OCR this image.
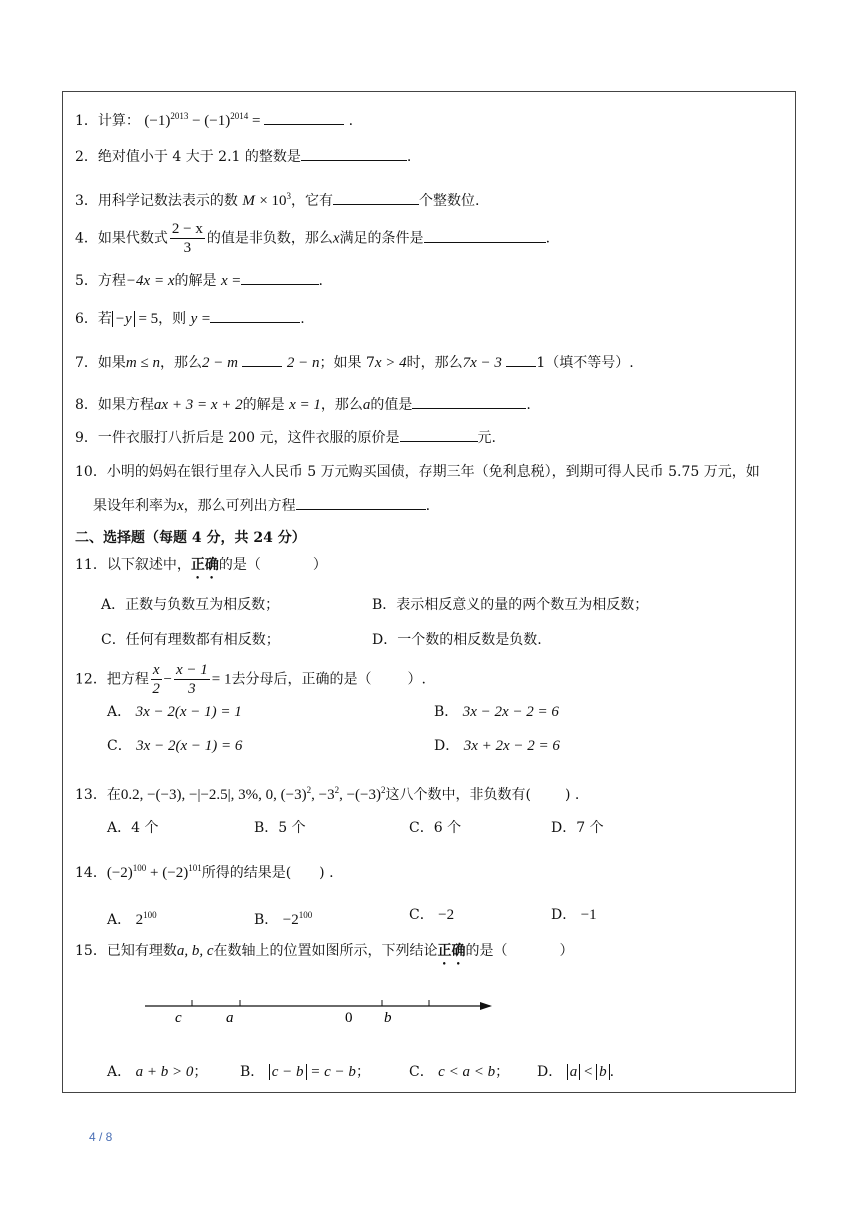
1．计算： $(-1)^{2013} - (-1)^{2014}$ =	.
2．绝对值小于 4 大于 2.1 的整数是	.
3．用科学记数法表示的数 $M \times 10^3$，它有	个整数位.
4．如果代数式 $\frac{2 - x}{3}$ 的值是非负数，那么x满足的条件是	.
5．方程−4x = x的解是 x =	.
6．若 −y = 5，则 y =	.
7．如果m ≤ n，那么2 − m	2 − n；如果 7x > 4时，那么7x − 3 1（填不等号）.
8．如果方程ax + 3 = x + 2的解是 x = 1，那么a的值是	.
9．一件衣服打八折后是 200 元，这件衣服的原价是	元.
10．小明的妈妈在银行里存入人民币 5 万元购买国债，存期三年（免利息税），到期可得人民币 5.75 万元，如
果设年利率为x，那么可列出方程	.
二、选择题（每题 4 分，共 24 分）
11．以下叙述中，正确的是（	）
A．正数与负数互为相反数；	B．表示相反意义的量的两个数互为相反数；
C．任何有理数都有相反数；	D．一个数的相反数是负数.
12．把方程 $\frac{x}{2} - \frac{x - 1}{3} = 1$去分母后，正确的是（	）.
A． 3x − 2(x − 1) = 1	B． 3x − 2x − 2 = 6
C． 3x − 2(x − 1) = 6	D． 3x + 2x − 2 = 6
13．在0.2, −(−3), −|−2.5|, 3%, 0, $(-3)^2$, $-3^2$, $-(-3)^2$这八个数中，非负数有( ) .
A．4 个	B．5 个	C．6 个	D．7 个
14．$(-2)^{100} + (-2)^{101}$所得的结果是( ) .
A． $2^{100}$	B． $-2^{100}$	C． −2	D． −1
15．已知有理数a, b, c在数轴上的位置如图所示，下列结论正确的是（	）
c	a	0 b
A． a + b > 0； B． c − b = c − b；	C． c < a < b； D． a < b .
4 / 8
